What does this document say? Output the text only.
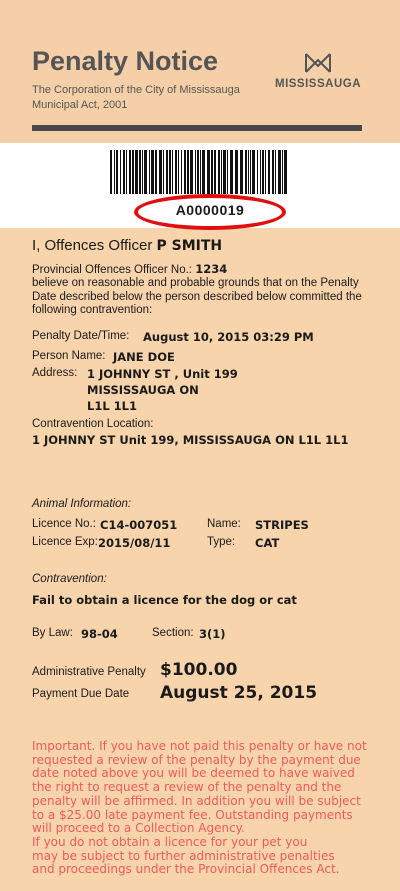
Penalty Notice
The Corporation of the City of Mississauga
Municipal Act, 2001
MISSISSAUGA
A0000019
I, Offences Officer P SMITH
Provincial Offences Officer No.: 1234
believe on reasonable and probable grounds that on the Penalty Date described below the person described below committed the following contravention:
Penalty Date/Time: August 10, 2015 03:29 PM
Person Name: JANE DOE
Address: 1 JOHNNY ST , Unit 199
MISSISSAUGA ON
L1L 1L1
Contravention Location:
1 JOHNNY ST Unit 199, MISSISSAUGA ON L1L 1L1
Animal Information:
Licence No.: C14-007051	Name: STRIPES
Licence Exp: 2015/08/11	Type: CAT
Contravention:
Fail to obtain a licence for the dog or cat
By Law: 98-04	Section: 3(1)
Administrative Penalty $100.00
Payment Due Date August 25, 2015
Important. If you have not paid this penalty or have not
requested a review of the penalty by the payment due
date noted above you will be deemed to have waived
the right to request a review of the penalty and the
penalty will be affirmed. In addition you will be subject
to a $25.00 late payment fee. Outstanding payments
will proceed to a Collection Agency.
If you do not obtain a licence for your pet you
may be subject to further administrative penalties
and proceedings under the Provincial Offences Act.
